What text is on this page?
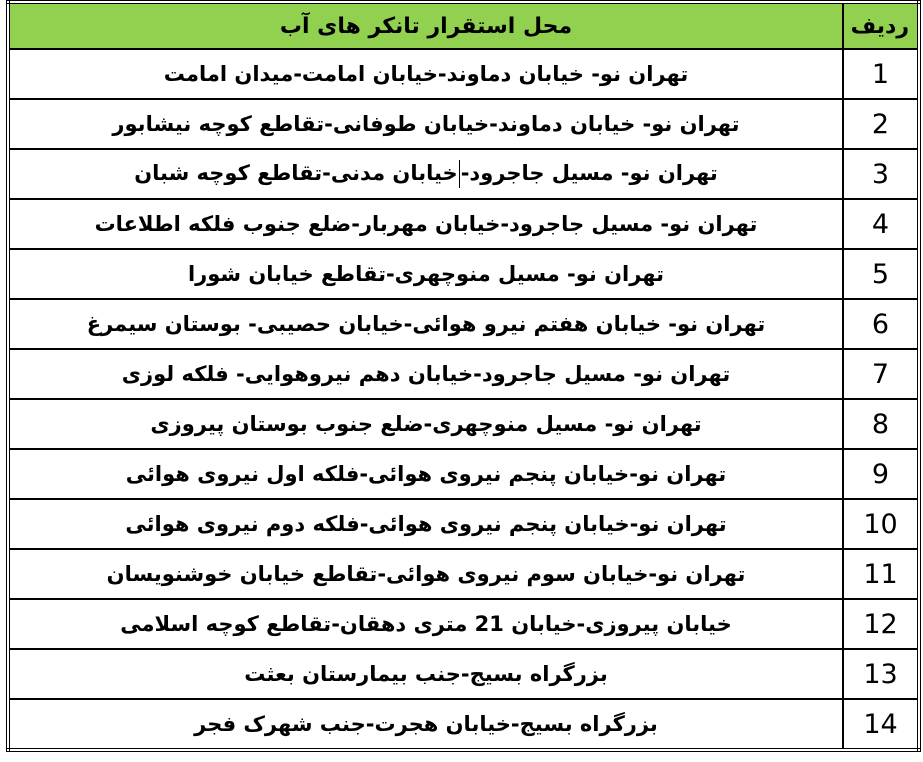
ردیف	محل استقرار تانکر های آب
1	تهران نو- خیابان دماوند-خیابان امامت-میدان امامت
2	تهران نو- خیابان دماوند-خیابان طوفانی-تقاطع کوچه نیشابور
3	تهران نو- مسیل جاجرود-خیابان مدنی-تقاطع کوچه شبان
4	تهران نو- مسیل جاجرود-خیابان مهربار-ضلع جنوب فلکه اطلاعات
5	تهران نو- مسیل منوچهری-تقاطع خیابان شورا
6	تهران نو- خیابان هفتم نیرو هوائی-خیابان حصیبی- بوستان سیمرغ
7	تهران نو- مسیل جاجرود-خیابان دهم نیروهوایی- فلکه لوزی
8	تهران نو- مسیل منوچهری-ضلع جنوب بوستان پیروزی
9	تهران نو-خیابان پنجم نیروی هوائی-فلکه اول نیروی هوائی
10	تهران نو-خیابان پنجم نیروی هوائی-فلکه دوم نیروی هوائی
11	تهران نو-خیابان سوم نیروی هوائی-تقاطع خیابان خوشنویسان
12	خیابان پیروزی-خیابان 21 متری دهقان-تقاطع کوچه اسلامی
13	بزرگراه بسیج-جنب بیمارستان بعثت
14	بزرگراه بسیج-خیابان هجرت-جنب شهرک فجر
